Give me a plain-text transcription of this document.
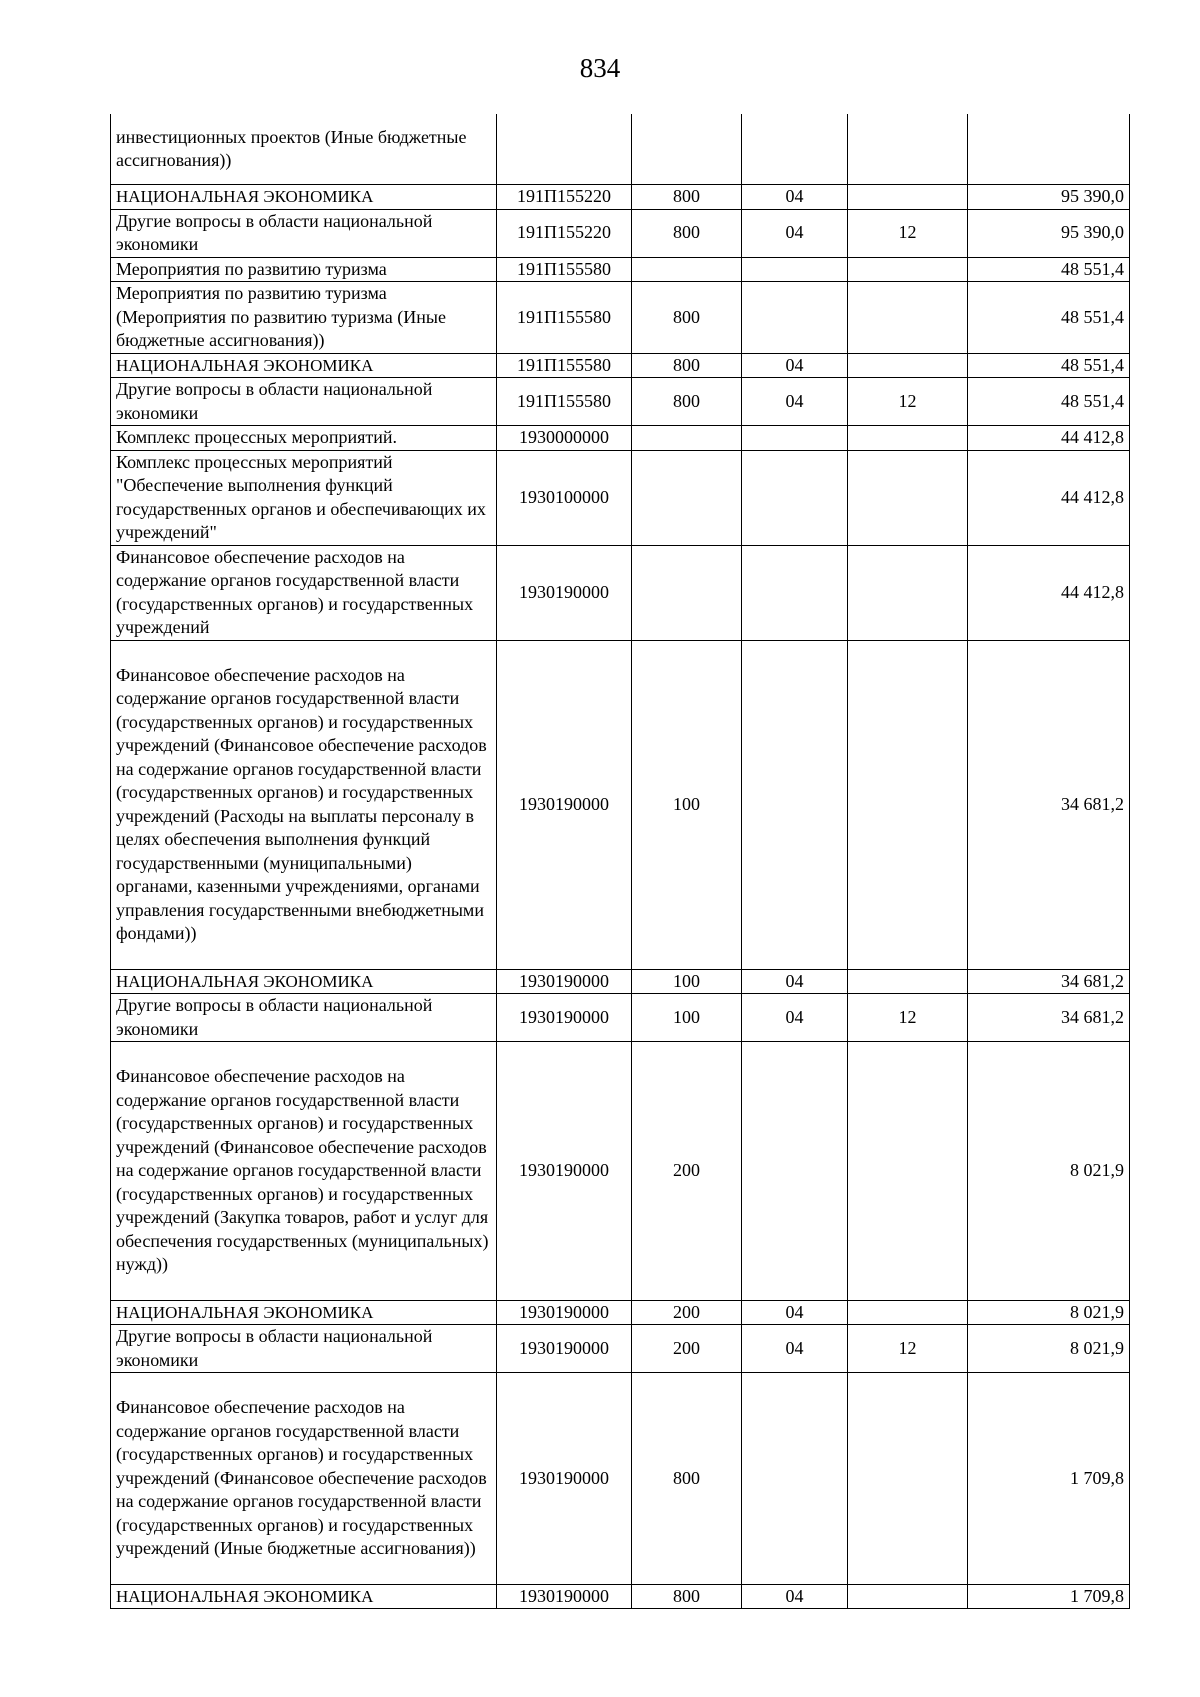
834
инвестиционных проектов (Иные бюджетные ассигнования))					
НАЦИОНАЛЬНАЯ ЭКОНОМИКА	191П155220	800	04		95 390,0
Другие вопросы в области национальной экономики	191П155220	800	04	12	95 390,0
Мероприятия по развитию туризма	191П155580				48 551,4
Мероприятия по развитию туризма (Мероприятия по развитию туризма (Иные бюджетные ассигнования))	191П155580	800			48 551,4
НАЦИОНАЛЬНАЯ ЭКОНОМИКА	191П155580	800	04		48 551,4
Другие вопросы в области национальной экономики	191П155580	800	04	12	48 551,4
Комплекс процессных мероприятий.	1930000000				44 412,8
Комплекс процессных мероприятий "Обеспечение выполнения функций государственных органов и обеспечивающих их учреждений"	1930100000				44 412,8
Финансовое обеспечение расходов на содержание органов государственной власти (государственных органов) и государственных учреждений	1930190000				44 412,8
Финансовое обеспечение расходов на содержание органов государственной власти (государственных органов) и государственных учреждений (Финансовое обеспечение расходов на содержание органов государственной власти (государственных органов) и государственных учреждений (Расходы на выплаты персоналу в целях обеспечения выполнения функций государственными (муниципальными) органами, казенными учреждениями, органами управления государственными внебюджетными фондами))	1930190000	100			34 681,2
НАЦИОНАЛЬНАЯ ЭКОНОМИКА	1930190000	100	04		34 681,2
Другие вопросы в области национальной экономики	1930190000	100	04	12	34 681,2
Финансовое обеспечение расходов на содержание органов государственной власти (государственных органов) и государственных учреждений (Финансовое обеспечение расходов на содержание органов государственной власти (государственных органов) и государственных учреждений (Закупка товаров, работ и услуг для обеспечения государственных (муниципальных) нужд))	1930190000	200			8 021,9
НАЦИОНАЛЬНАЯ ЭКОНОМИКА	1930190000	200	04		8 021,9
Другие вопросы в области национальной экономики	1930190000	200	04	12	8 021,9
Финансовое обеспечение расходов на содержание органов государственной власти (государственных органов) и государственных учреждений (Финансовое обеспечение расходов на содержание органов государственной власти (государственных органов) и государственных учреждений (Иные бюджетные ассигнования))	1930190000	800			1 709,8
НАЦИОНАЛЬНАЯ ЭКОНОМИКА	1930190000	800	04		1 709,8
